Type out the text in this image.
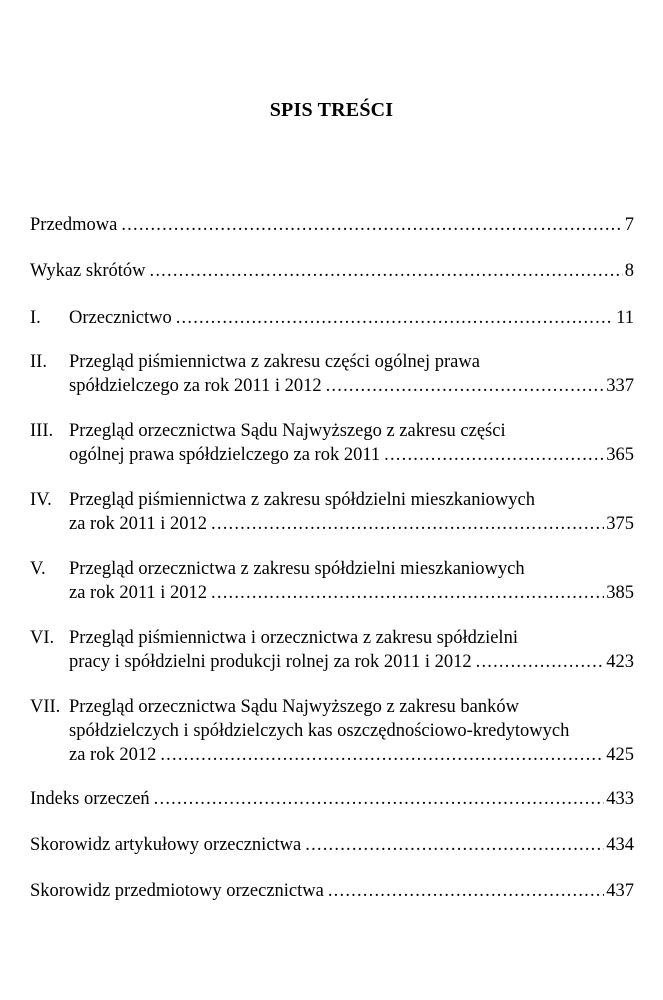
SPIS TREŚCI
Przedmowa .....	7
Wykaz skrótów .....	8
I.	Orzecznictwo .....	11
II.	Przegląd piśmiennictwa z zakresu części ogólnej prawa
spółdzielczego za rok 2011 i 2012 .....	337
III. Przegląd orzecznictwa Sądu Najwyższego z zakresu części
ogólnej prawa spółdzielczego za rok 2011 .....	365
IV. Przegląd piśmiennictwa z zakresu spółdzielni mieszkaniowych
za rok 2011 i 2012 .....	375
V.	Przegląd orzecznictwa z zakresu spółdzielni mieszkaniowych
za rok 2011 i 2012 .....	385
VI. Przegląd piśmiennictwa i orzecznictwa z zakresu spółdzielni
pracy i spółdzielni produkcji rolnej za rok 2011 i 2012 .....	423
VII. Przegląd orzecznictwa Sądu Najwyższego z zakresu banków
spółdzielczych i spółdzielczych kas oszczędnościowo-kredytowych
za rok 2012 .....	425
Indeks orzeczeń .....	433
Skorowidz artykułowy orzecznictwa .....	434
Skorowidz przedmiotowy orzecznictwa .....	437
